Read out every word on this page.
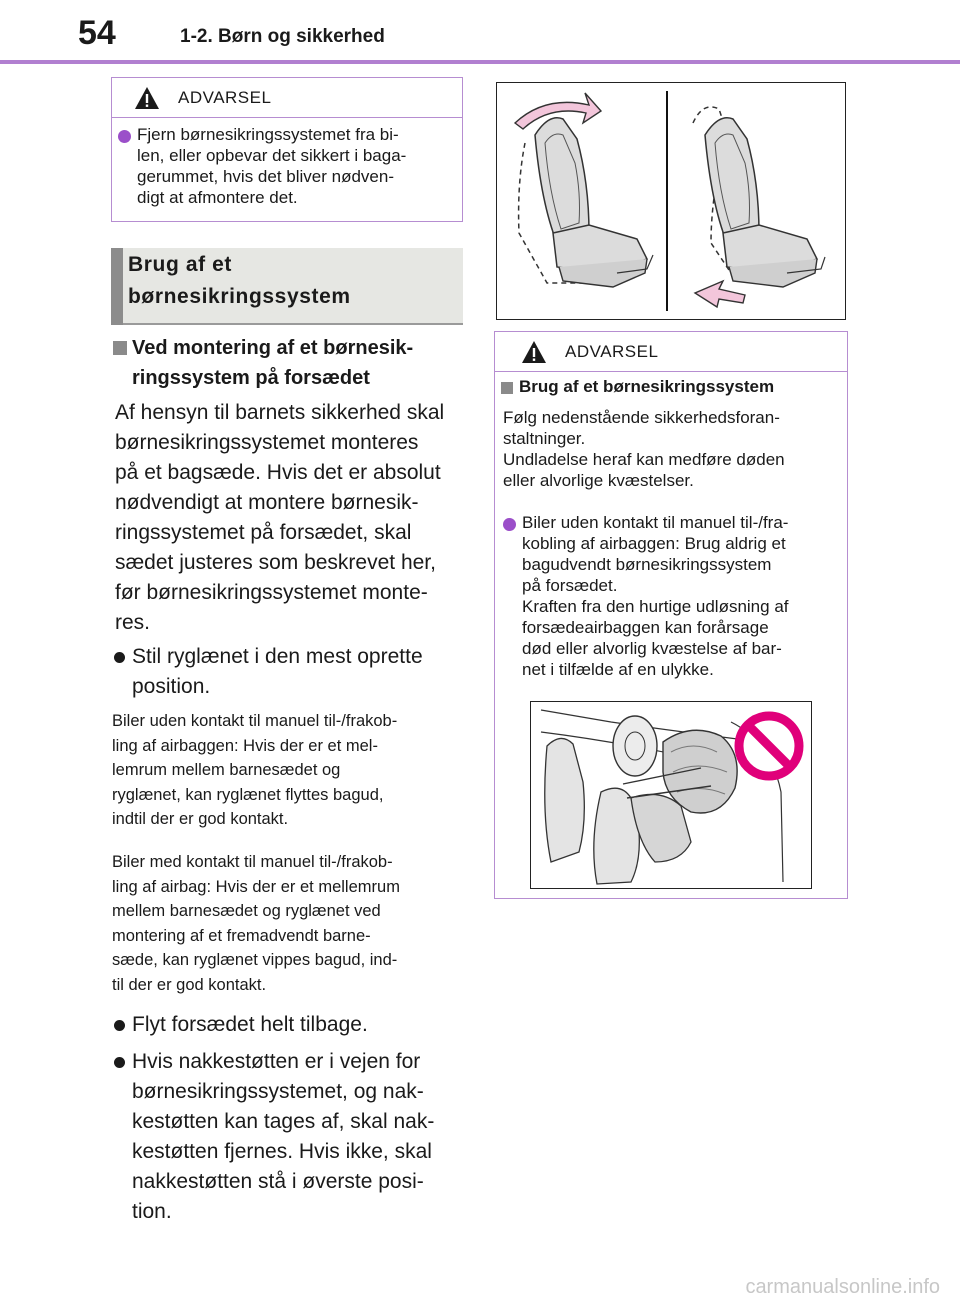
54	1-2. Børn og sikkerhed
ADVARSEL
Fjern børnesikringssystemet fra bi-
len, eller opbevar det sikkert i baga-
gerummet, hvis det bliver nødven-
digt at afmontere det.
Brug af et
børnesikringssystem
Ved montering af et børnesik-
ringssystem på forsædet
Af hensyn til barnets sikkerhed skal
børnesikringssystemet monteres
på et bagsæde. Hvis det er absolut
nødvendigt at montere børnesik-
ringssystemet på forsædet, skal
sædet justeres som beskrevet her,
før børnesikringssystemet monte-
res.
Stil ryglænet i den mest oprette
position.
Biler uden kontakt til manuel til-/frakob-
ling af airbaggen: Hvis der er et mel-
lemrum mellem barnesædet og
ryglænet, kan ryglænet flyttes bagud,
indtil der er god kontakt.
Biler med kontakt til manuel til-/frakob-
ling af airbag: Hvis der er et mellemrum
mellem barnesædet og ryglænet ved
montering af et fremadvendt barne-
sæde, kan ryglænet vippes bagud, ind-
til der er god kontakt.
Flyt forsædet helt tilbage.
Hvis nakkestøtten er i vejen for
børnesikringssystemet, og nak-
kestøtten kan tages af, skal nak-
kestøtten fjernes. Hvis ikke, skal
nakkestøtten stå i øverste posi-
tion.
ADVARSEL
Brug af et børnesikringssystem
Følg nedenstående sikkerhedsforan-
staltninger.
Undladelse heraf kan medføre døden
eller alvorlige kvæstelser.
Biler uden kontakt til manuel til-/fra-
kobling af airbaggen: Brug aldrig et
bagudvendt børnesikringssystem
på forsædet.
Kraften fra den hurtige udløsning af
forsædeairbaggen kan forårsage
død eller alvorlig kvæstelse af bar-
net i tilfælde af en ulykke.
carmanualsonline.info
